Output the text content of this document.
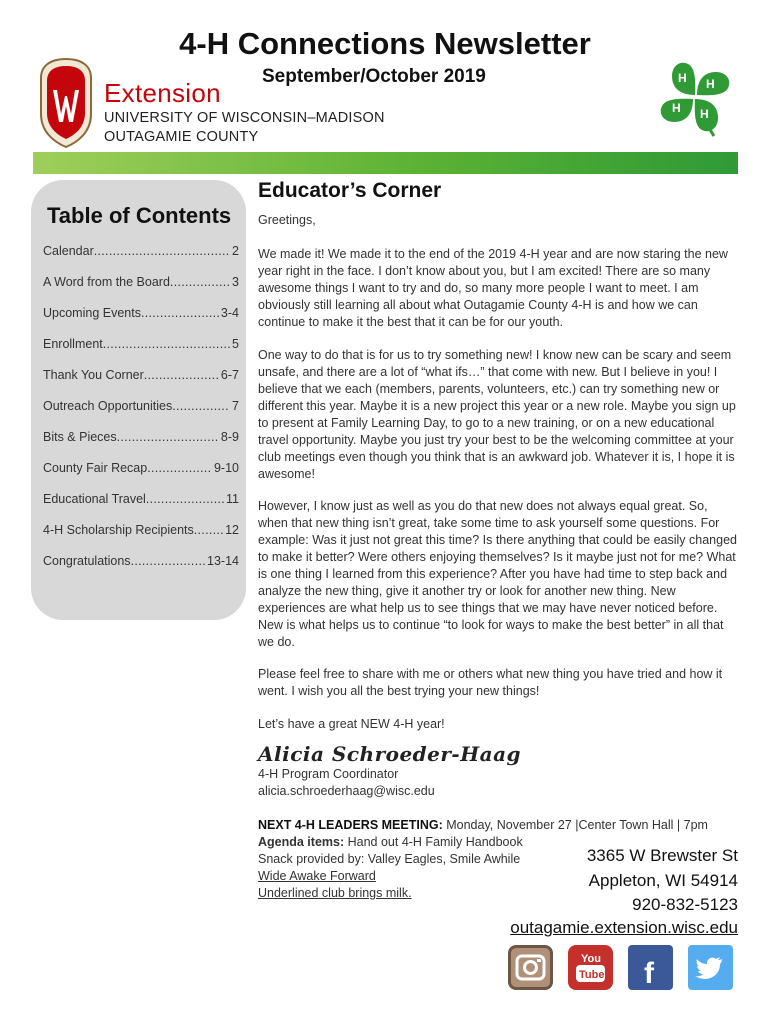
4-H Connections Newsletter
September/October 2019
Extension
UNIVERSITY OF WISCONSIN–MADISON
OUTAGAMIE COUNTY
H H
H
H
Table of Contents
Calendar .....	2
A Word from the Board .....	3
Upcoming Events .....	3-4
Enrollment .....	5
Thank You Corner .....	6-7
Outreach Opportunities .....	7
Bits & Pieces .....	8-9
County Fair Recap .....	9-10
Educational Travel .....	11
4-H Scholarship Recipients .....	12
Congratulations .....	13-14
Educator’s Corner

Greetings,

We made it! We made it to the end of the 2019 4-H year and are now staring the new year right in the face. I don’t know about you, but I am excited! There are so many awesome things I want to try and do, so many more people I want to meet. I am obviously still learning all about what Outagamie County 4-H is and how we can continue to make it the best that it can be for our youth.

One way to do that is for us to try something new! I know new can be scary and seem unsafe, and there are a lot of “what ifs…” that come with new. But I believe in you! I believe that we each (members, parents, volunteers, etc.) can try something new or different this year. Maybe it is a new project this year or a new role. Maybe you sign up to present at Family Learning Day, to go to a new training, or on a new educational travel opportunity. Maybe you just try your best to be the welcoming committee at your club meetings even though you think that is an awkward job. Whatever it is, I hope it is awesome!

However, I know just as well as you do that new does not always equal great. So, when that new thing isn’t great, take some time to ask yourself some questions. For example: Was it just not great this time? Is there anything that could be easily changed to make it better? Were others enjoying themselves? Is it maybe just not for me? What is one thing I learned from this experience? After you have had time to step back and analyze the new thing, give it another try or look for another new thing. New experiences are what help us to see things that we may have never noticed before. New is what helps us to continue “to look for ways to make the best better” in all that we do.

Please feel free to share with me or others what new thing you have tried and how it went. I wish you all the best trying your new things!

Let’s have a great NEW 4-H year!

Alicia Schroeder-Haag
4-H Program Coordinator
alicia.schroederhaag@wisc.edu
NEXT 4-H LEADERS MEETING: Monday, November 27 |Center Town Hall | 7pm
Agenda items: Hand out 4-H Family Handbook
Snack provided by: Valley Eagles, Smile Awhile
Wide Awake Forward
Underlined club brings milk.
3365 W Brewster St
Appleton, WI 54914
920-832-5123
outagamie.extension.wisc.edu
You
Tube f
